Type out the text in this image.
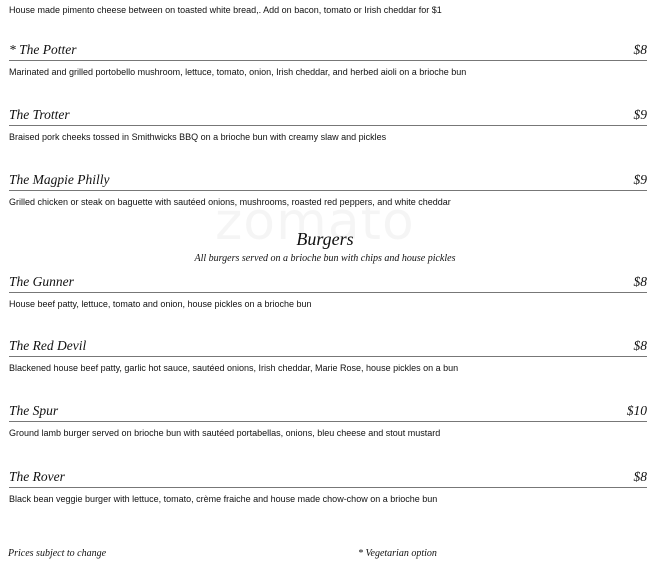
House made pimento cheese between on toasted white bread,. Add on bacon, tomato or Irish cheddar for $1
* The Potter	$8
Marinated and grilled portobello mushroom, lettuce, tomato, onion, Irish cheddar, and herbed aioli on a brioche bun
The Trotter	$9
Braised pork cheeks tossed in Smithwicks BBQ on a brioche bun with creamy slaw and pickles
The Magpie Philly	$9
Grilled chicken or steak on baguette with sautéed onions, mushrooms, roasted red peppers, and white cheddar
Burgers
All burgers served on a brioche bun with chips and house pickles
The Gunner	$8
House beef patty, lettuce, tomato and onion, house pickles on a brioche bun
The Red Devil	$8
Blackened house beef patty, garlic hot sauce, sautéed onions, Irish cheddar, Marie Rose, house pickles on a bun
The Spur	$10
Ground lamb burger served on brioche bun with sautéed portabellas, onions, bleu cheese and stout mustard
The Rover	$8
Black bean veggie burger with lettuce, tomato, crème fraiche and house made chow-chow on a brioche bun
Prices subject to change	* Vegetarian option
